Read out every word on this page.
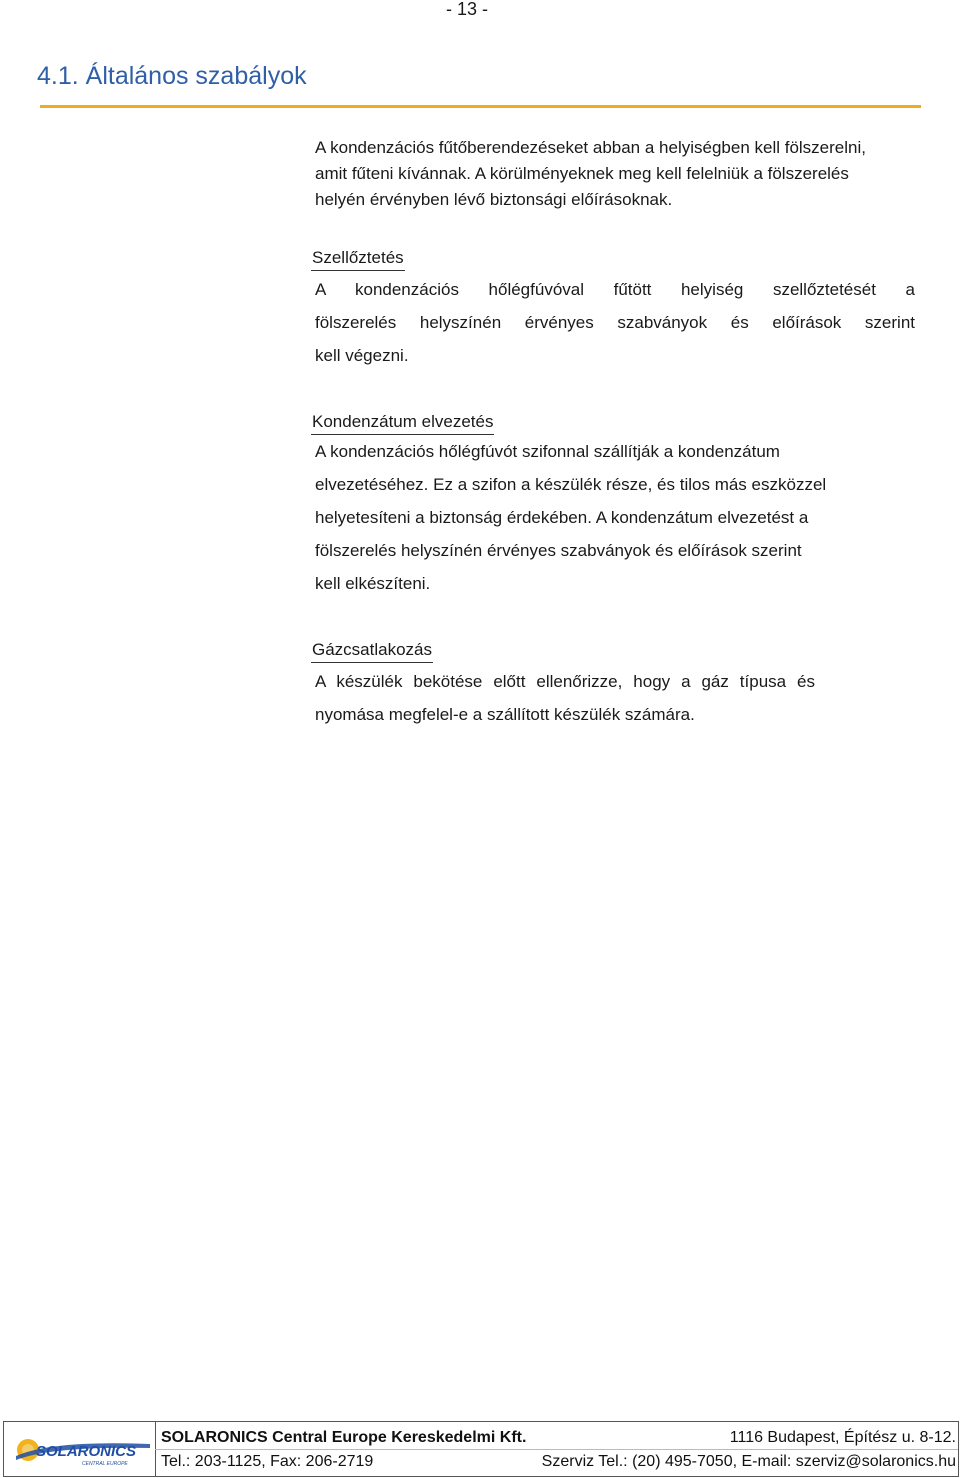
- 13 -
4.1. Általános szabályok
A kondenzációs fűtőberendezéseket abban a helyiségben kell fölszerelni,
amit fűteni kívánnak. A körülményeknek meg kell felelniük a fölszerelés
helyén érvényben lévő biztonsági előírásoknak.
Szellőztetés
A kondenzációs hőlégfúvóval fűtött helyiség szellőztetését a
fölszerelés helyszínén érvényes szabványok és előírások szerint
kell végezni.
Kondenzátum elvezetés
A kondenzációs hőlégfúvót szifonnal szállítják a kondenzátum
elvezetéséhez. Ez a szifon a készülék része, és tilos más eszközzel
helyetesíteni a biztonság érdekében. A kondenzátum elvezetést a
fölszerelés helyszínén érvényes szabványok és előírások szerint
kell elkészíteni.
Gázcsatlakozás
A készülék bekötése előtt ellenőrizze, hogy a gáz típusa és
nyomása megfelel-e a szállított készülék számára.
SOLARONICS
CENTRAL EUROPE
SOLARONICS Central Europe Kereskedelmi Kft.	1116 Budapest, Építész u. 8-12.
Tel.: 203-1125, Fax: 206-2719	Szerviz Tel.: (20) 495-7050, E-mail: szerviz@solaronics.hu
